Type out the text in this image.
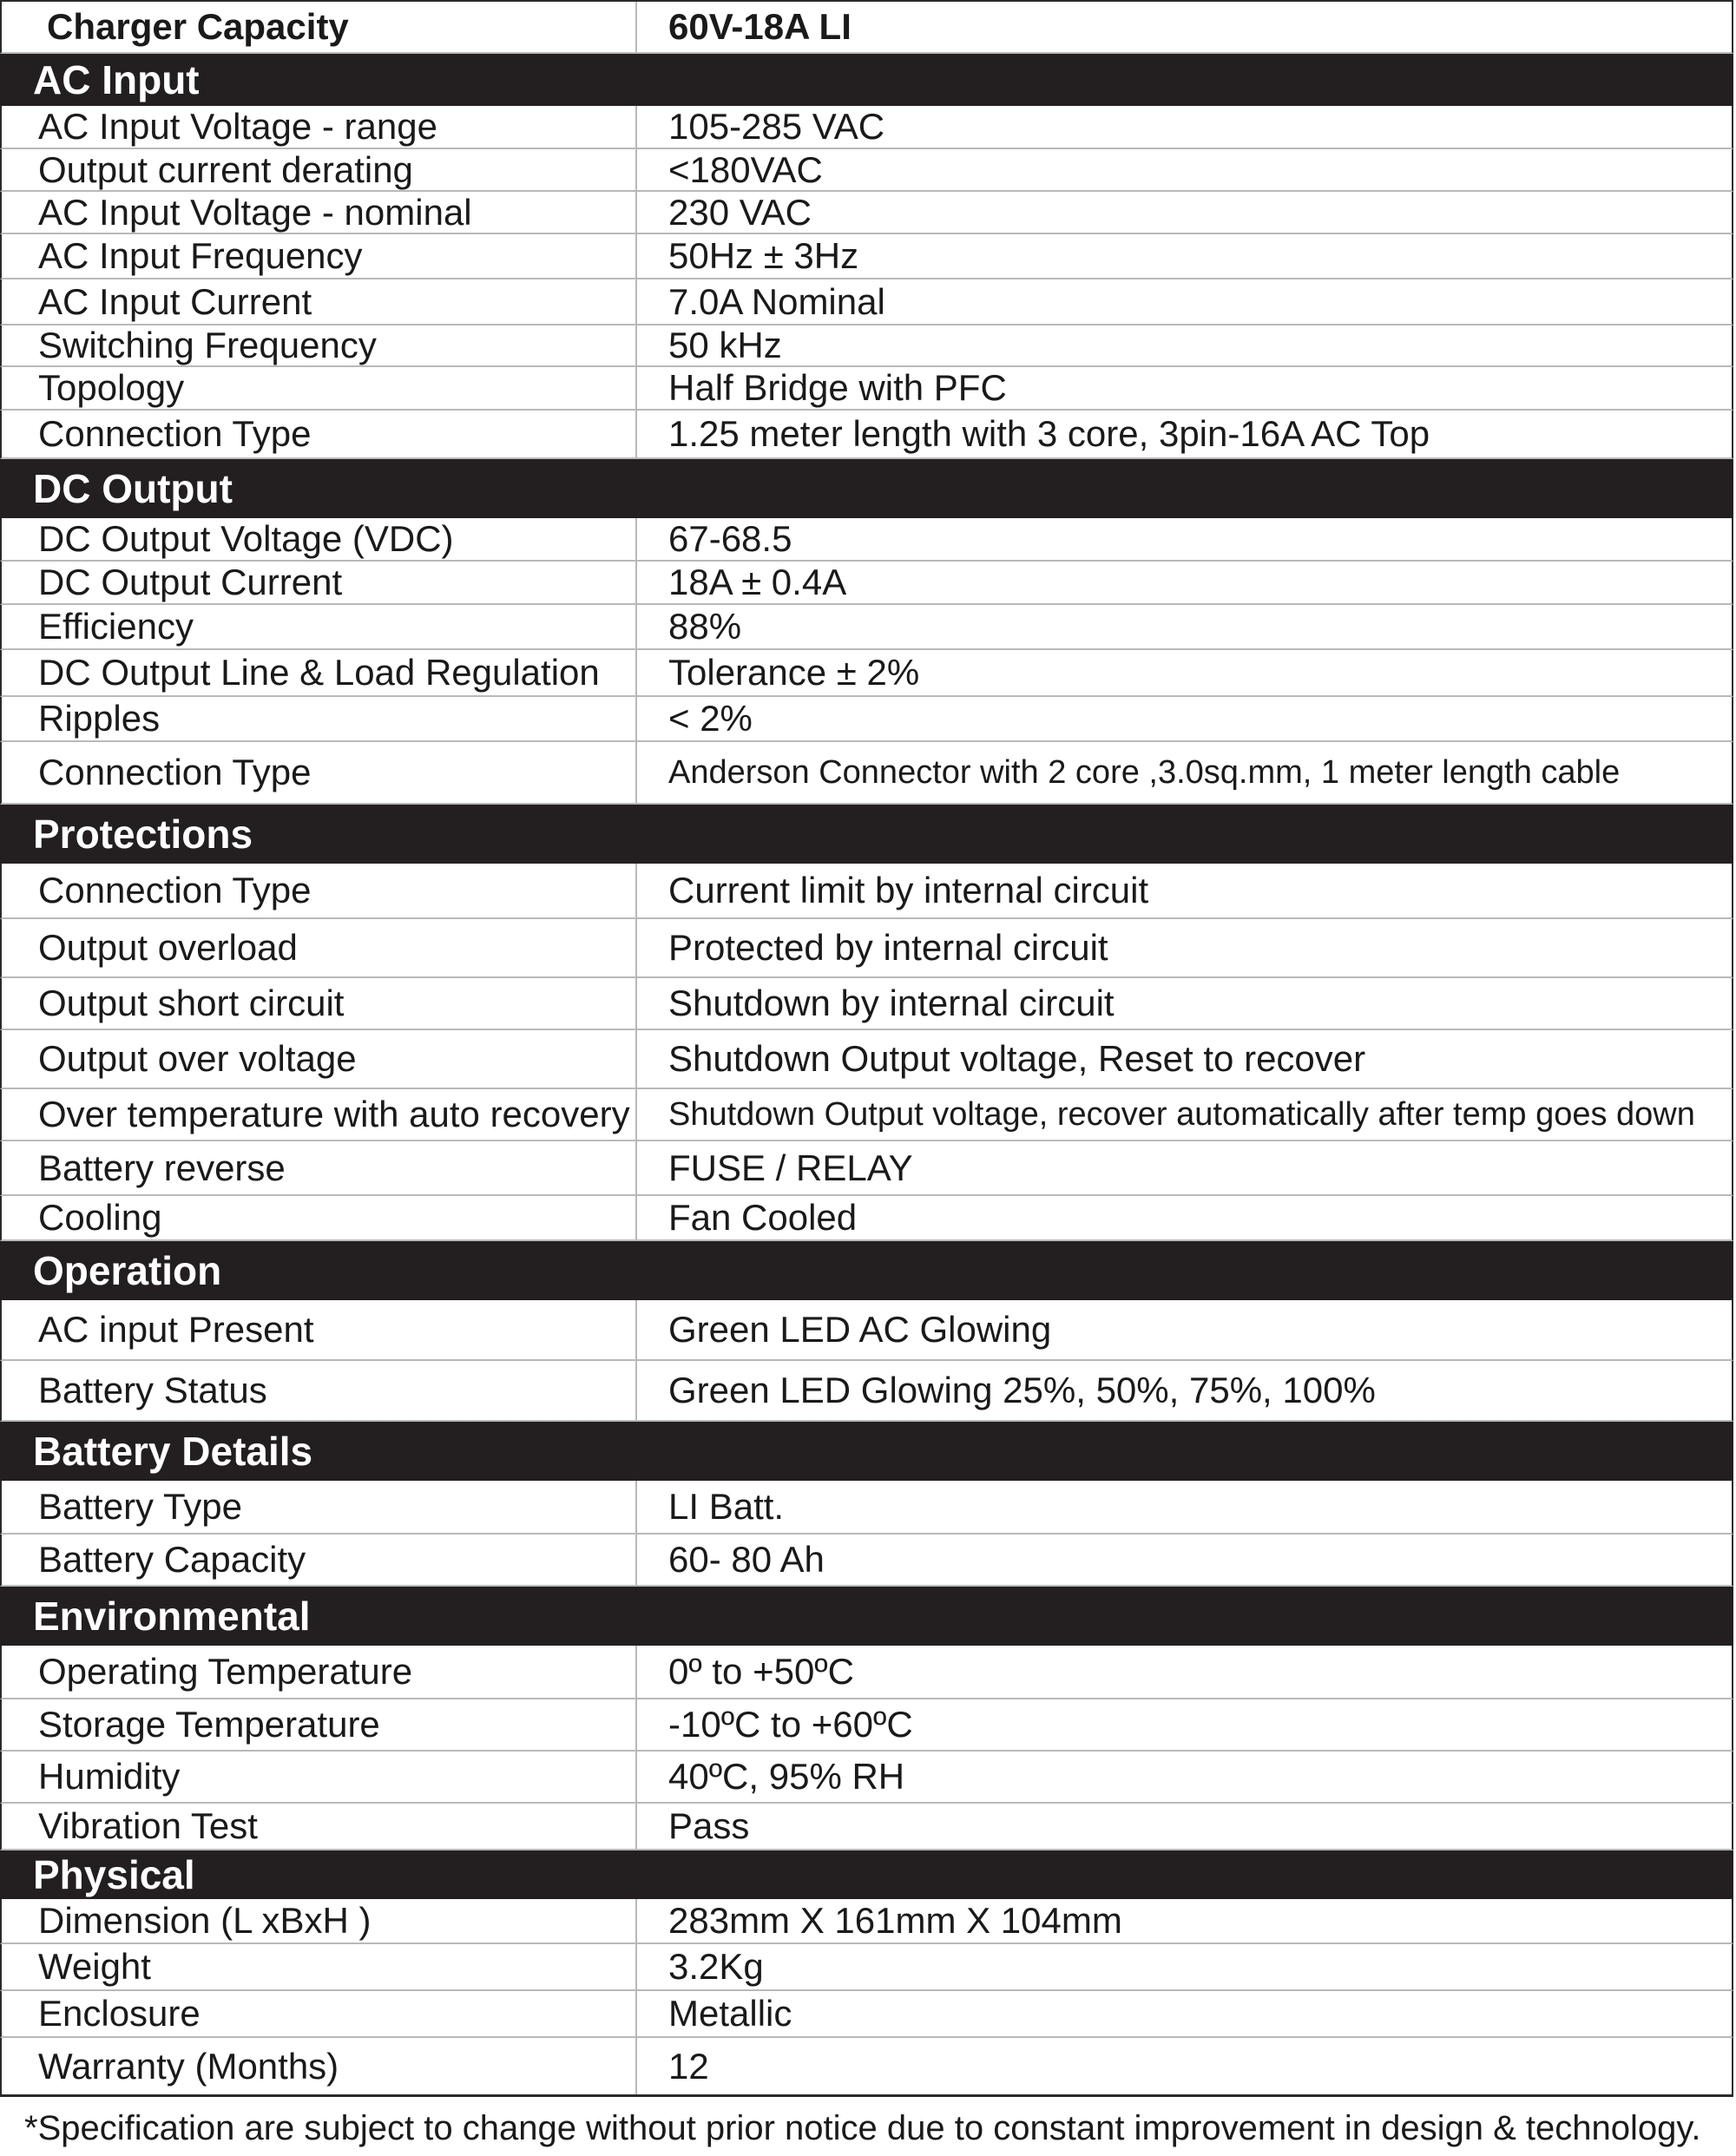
Charger Capacity	60V-18A LI
AC Input
AC Input Voltage - range	105-285 VAC
Output current derating	<180VAC
AC Input Voltage - nominal	230 VAC
AC Input Frequency	50Hz ± 3Hz
AC Input Current	7.0A Nominal
Switching Frequency	50 kHz
Topology	Half Bridge with PFC
Connection Type	1.25 meter length with 3 core, 3pin-16A AC Top
DC Output
DC Output Voltage (VDC)	67-68.5
DC Output Current	18A ± 0.4A
Efficiency	88%
DC Output Line & Load Regulation	Tolerance ± 2%
Ripples	< 2%
Connection Type	Anderson Connector with 2 core ,3.0sq.mm, 1 meter length cable
Protections
Connection Type	Current limit by internal circuit
Output overload	Protected by internal circuit
Output short circuit	Shutdown by internal circuit
Output over voltage	Shutdown Output voltage, Reset to recover
Over temperature with auto recovery	Shutdown Output voltage, recover automatically after temp goes down
Battery reverse	FUSE / RELAY
Cooling	Fan Cooled
Operation
AC input Present	Green LED AC Glowing
Battery Status	Green LED Glowing 25%, 50%, 75%, 100%
Battery Details
Battery Type	LI Batt.
Battery Capacity	60- 80 Ah
Environmental
Operating Temperature	0º to +50ºC
Storage Temperature	-10ºC to +60ºC
Humidity	40ºC, 95% RH
Vibration Test	Pass
Physical
Dimension (L xBxH )	283mm X 161mm X 104mm
Weight	3.2Kg
Enclosure	Metallic
Warranty (Months)	12
*Specification are subject to change without prior notice due to constant improvement in design & technology.
